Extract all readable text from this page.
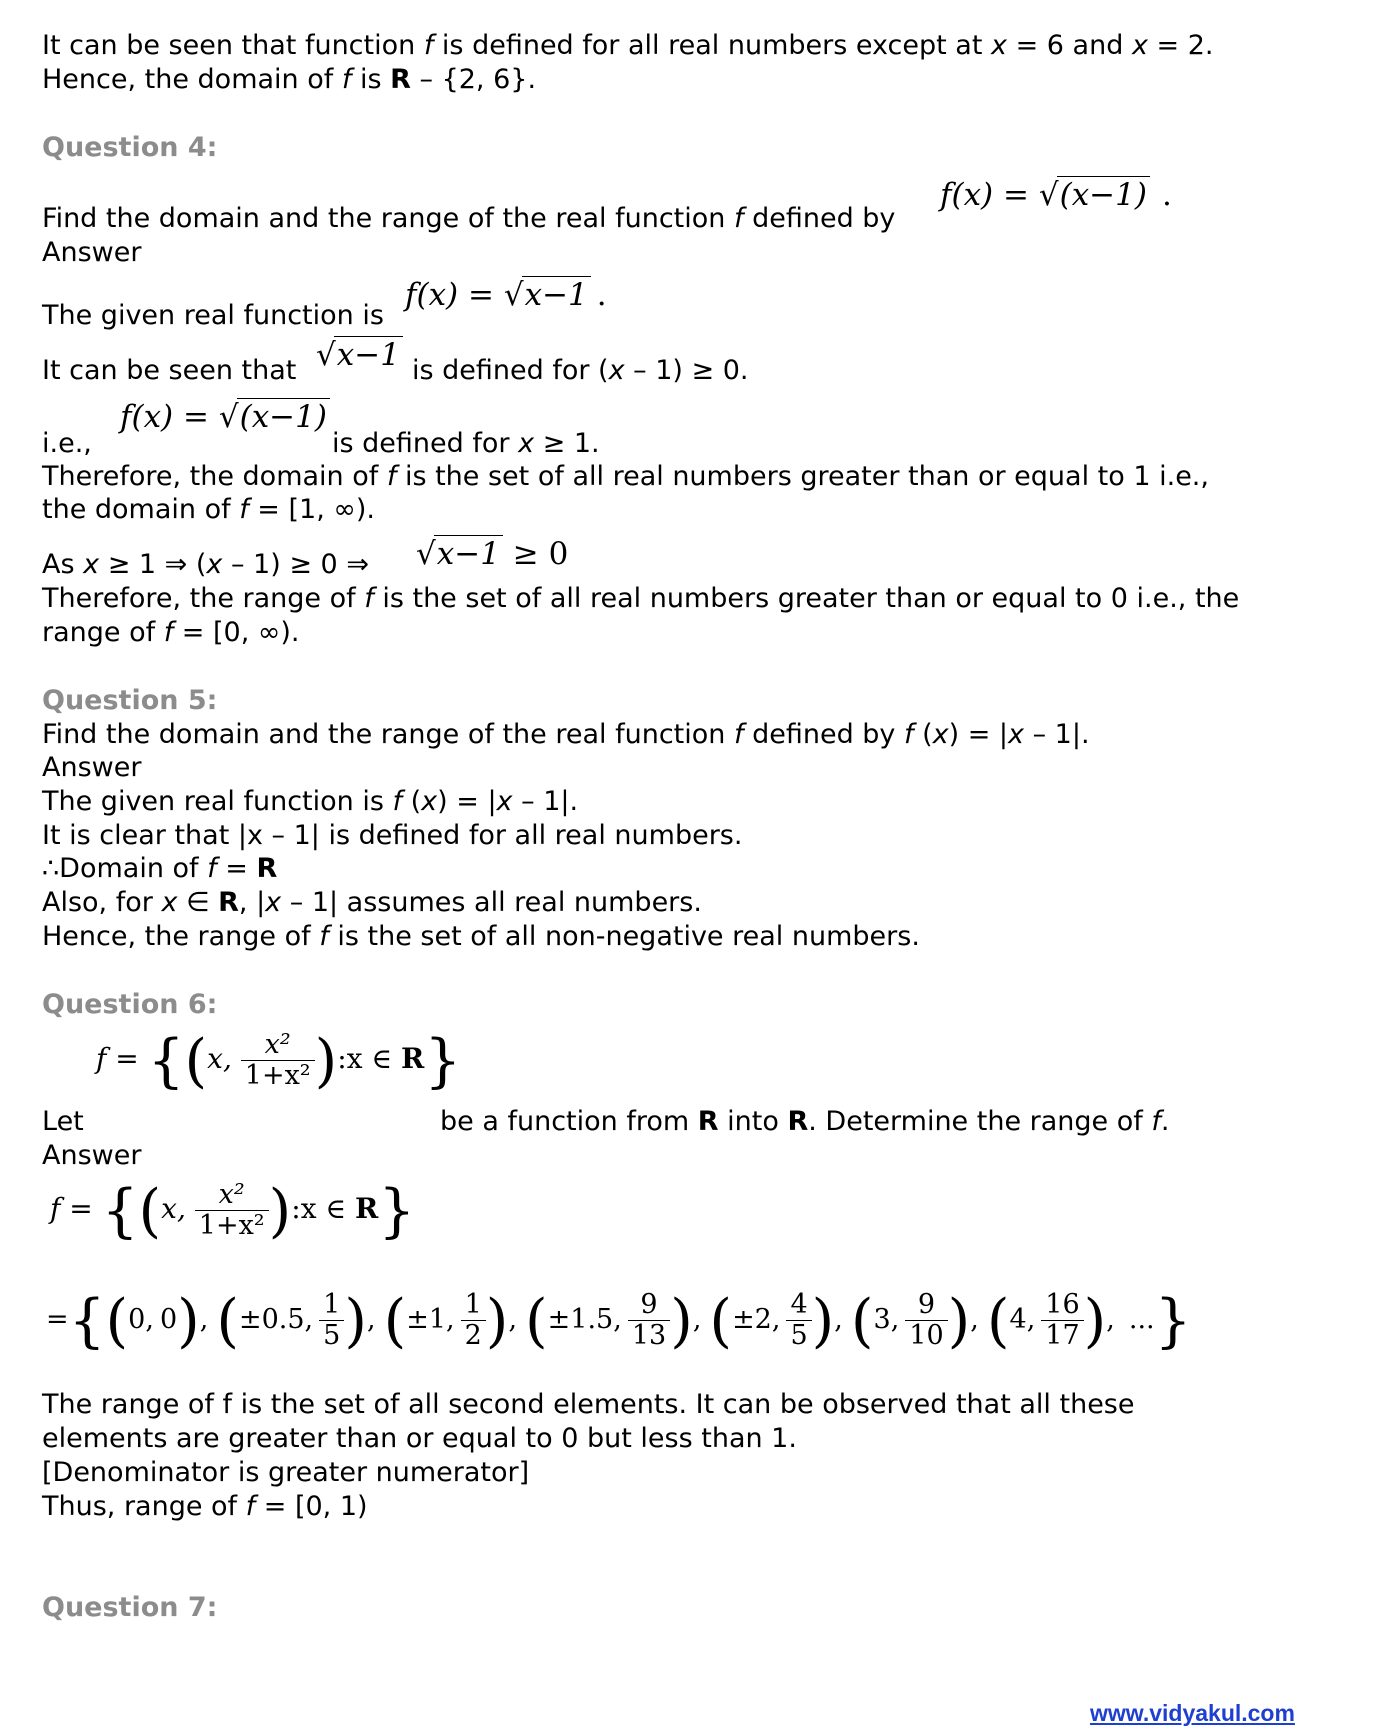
It can be seen that function f is defined for all real numbers except at x = 6 and x = 2.
Hence, the domain of f is R – {2, 6}.
Question 4:
Find the domain and the range of the real function f defined by
f(x) = √(x−1) .
Answer
The given real function is
f(x) = √x−1 .
It can be seen that √x−1 is defined for (x – 1) ≥ 0.
i.e.,
f(x) = √(x−1)
is defined for x ≥ 1.
Therefore, the domain of f is the set of all real numbers greater than or equal to 1 i.e.,
the domain of f = [1, ∞).
As x ≥ 1 ⇒ (x – 1) ≥ 0 ⇒ √x−1 ≥ 0
Therefore, the range of f is the set of all real numbers greater than or equal to 0 i.e., the
range of f = [0, ∞).
Question 5:
Find the domain and the range of the real function f defined by f (x) = |x – 1|.
Answer
The given real function is f (x) = |x – 1|.
It is clear that |x – 1| is defined for all real numbers.
∴Domain of f = R
Also, for x ∈ R, |x – 1| assumes all real numbers.
Hence, the range of f is the set of all non-negative real numbers.
Question 6:
f = {(x, $\frac{\text{x²}}{\text{1+x²}}$ ):x ∈ R}
Let	be a function from R into R. Determine the range of f.
Answer
f = {(x, $\frac{\text{x²}}{\text{1+x²}}$ ):x ∈ R}
={(0, 0), (±0.5, $\frac{1}{5}$ ), (±1, $\frac{1}{2}$ ), (±1.5, $\frac{9}{13}$ ), (±2, $\frac{4}{5}$ ), (3, $\frac{9}{10}$ ), (4, $\frac{16}{17}$ ), ...}
The range of f is the set of all second elements. It can be observed that all these
elements are greater than or equal to 0 but less than 1.
[Denominator is greater numerator]
Thus, range of f = [0, 1)
Question 7:
www.vidyakul.com
